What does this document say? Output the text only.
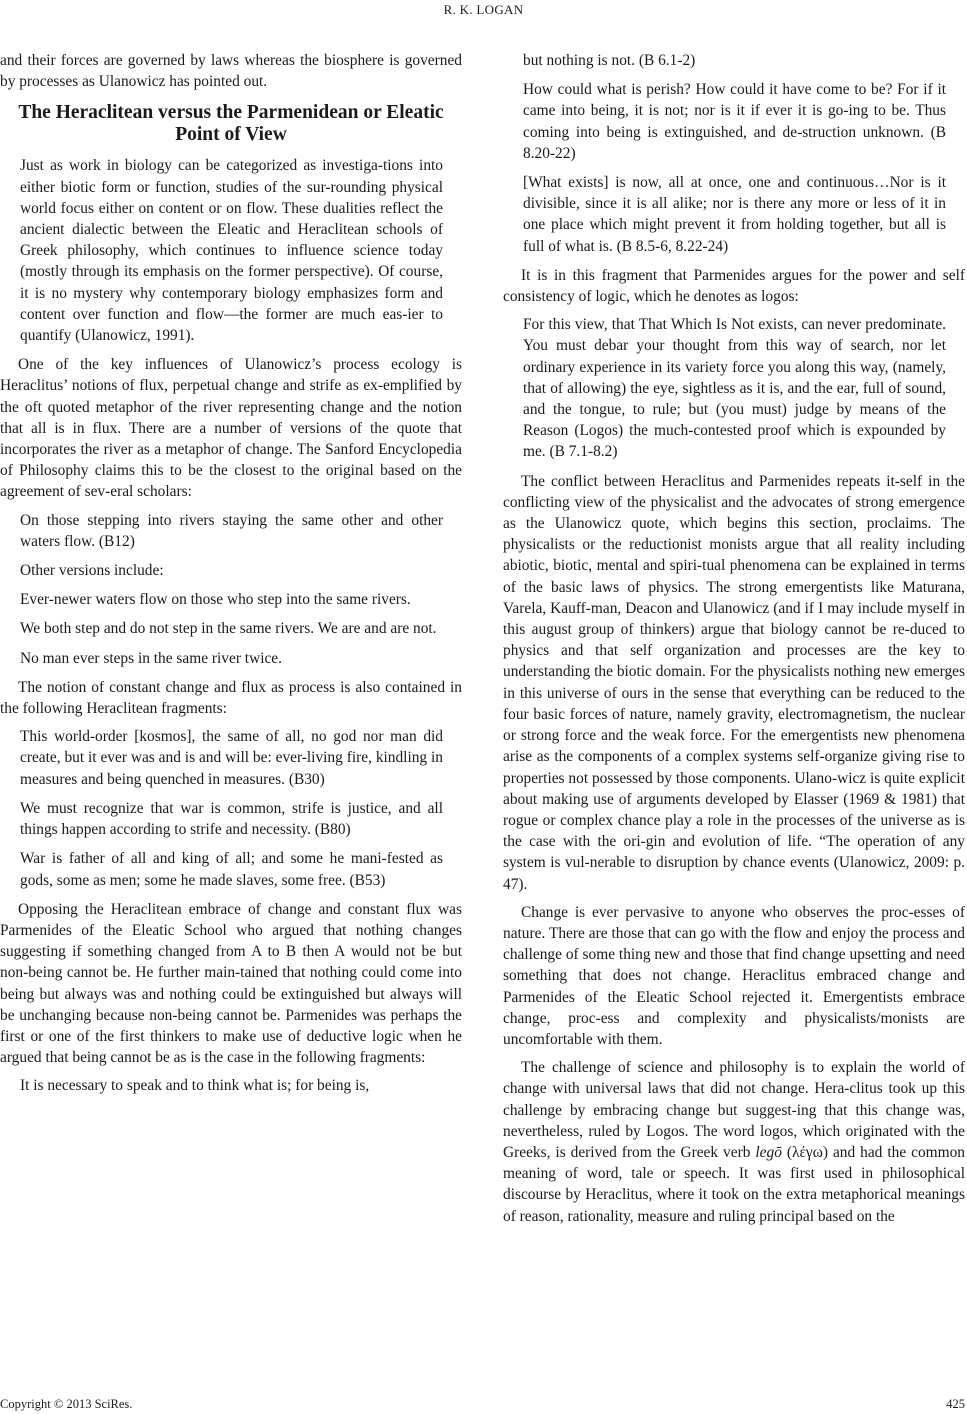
R. K. LOGAN

and their forces are governed by laws whereas the biosphere is governed by processes as Ulanowicz has pointed out.

The Heraclitean versus the Parmenidean or Eleatic Point of View

Just as work in biology can be categorized as investiga-tions into either biotic form or function, studies of the sur-rounding physical world focus either on content or on flow. These dualities reflect the ancient dialectic between the Eleatic and Heraclitean schools of Greek philosophy, which continues to influence science today (mostly through its emphasis on the former perspective). Of course, it is no mystery why contemporary biology emphasizes form and content over function and flow—the former are much eas-ier to quantify (Ulanowicz, 1991).

One of the key influences of Ulanowicz’s process ecology is Heraclitus’ notions of flux, perpetual change and strife as ex-emplified by the oft quoted metaphor of the river representing change and the notion that all is in flux. There are a number of versions of the quote that incorporates the river as a metaphor of change. The Sanford Encyclopedia of Philosophy claims this to be the closest to the original based on the agreement of sev-eral scholars:

On those stepping into rivers staying the same other and other waters flow. (B12)

Other versions include:

Ever-newer waters flow on those who step into the same rivers.

We both step and do not step in the same rivers. We are and are not.

No man ever steps in the same river twice.

The notion of constant change and flux as process is also contained in the following Heraclitean fragments:

This world-order [kosmos], the same of all, no god nor man did create, but it ever was and is and will be: ever-living fire, kindling in measures and being quenched in measures. (B30)

We must recognize that war is common, strife is justice, and all things happen according to strife and necessity. (B80)

War is father of all and king of all; and some he mani-fested as gods, some as men; some he made slaves, some free. (B53)

Opposing the Heraclitean embrace of change and constant flux was Parmenides of the Eleatic School who argued that nothing changes suggesting if something changed from A to B then A would not be but non-being cannot be. He further main-tained that nothing could come into being but always was and nothing could be extinguished but always will be unchanging because non-being cannot be. Parmenides was perhaps the first or one of the first thinkers to make use of deductive logic when he argued that being cannot be as is the case in the following fragments:

It is necessary to speak and to think what is; for being is,

but nothing is not. (B 6.1-2)

How could what is perish? How could it have come to be? For if it came into being, it is not; nor is it if ever it is go-ing to be. Thus coming into being is extinguished, and de-struction unknown. (B 8.20-22)

[What exists] is now, all at once, one and continuous…Nor is it divisible, since it is all alike; nor is there any more or less of it in one place which might prevent it from holding together, but all is full of what is. (B 8.5-6, 8.22-24)

It is in this fragment that Parmenides argues for the power and self consistency of logic, which he denotes as logos:

For this view, that That Which Is Not exists, can never predominate. You must debar your thought from this way of search, nor let ordinary experience in its variety force you along this way, (namely, that of allowing) the eye, sightless as it is, and the ear, full of sound, and the tongue, to rule; but (you must) judge by means of the Reason (Logos) the much-contested proof which is expounded by me. (B 7.1-8.2)

The conflict between Heraclitus and Parmenides repeats it-self in the conflicting view of the physicalist and the advocates of strong emergence as the Ulanowicz quote, which begins this section, proclaims. The physicalists or the reductionist monists argue that all reality including abiotic, biotic, mental and spiri-tual phenomena can be explained in terms of the basic laws of physics. The strong emergentists like Maturana, Varela, Kauff-man, Deacon and Ulanowicz (and if I may include myself in this august group of thinkers) argue that biology cannot be re-duced to physics and that self organization and processes are the key to understanding the biotic domain. For the physicalists nothing new emerges in this universe of ours in the sense that everything can be reduced to the four basic forces of nature, namely gravity, electromagnetism, the nuclear or strong force and the weak force. For the emergentists new phenomena arise as the components of a complex systems self-organize giving rise to properties not possessed by those components. Ulano-wicz is quite explicit about making use of arguments developed by Elasser (1969 & 1981) that rogue or complex chance play a role in the processes of the universe as is the case with the ori-gin and evolution of life. “The operation of any system is vul-nerable to disruption by chance events (Ulanowicz, 2009: p. 47).

Change is ever pervasive to anyone who observes the proc-esses of nature. There are those that can go with the flow and enjoy the process and challenge of some thing new and those that find change upsetting and need something that does not change. Heraclitus embraced change and Parmenides of the Eleatic School rejected it. Emergentists embrace change, proc-ess and complexity and physicalists/monists are uncomfortable with them.

The challenge of science and philosophy is to explain the world of change with universal laws that did not change. Hera-clitus took up this challenge by embracing change but suggest-ing that this change was, nevertheless, ruled by Logos. The word logos, which originated with the Greeks, is derived from the Greek verb legō (λέγω) and had the common meaning of word, tale or speech. It was first used in philosophical discourse by Heraclitus, where it took on the extra metaphorical meanings of reason, rationality, measure and ruling principal based on the

Copyright © 2013 SciRes.	425
